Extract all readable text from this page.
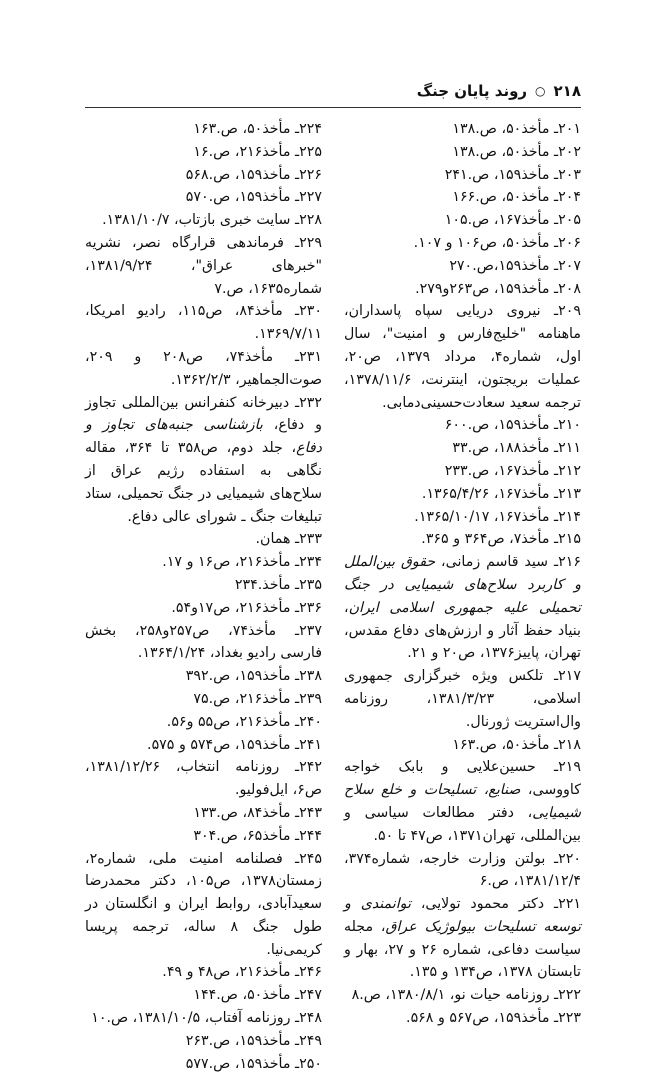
روند پایان جنگ ○ ۲۱۸

۲۰۱ـ مأخذ۵۰، ص.۱۳۸

۲۰۲ـ مأخذ۵۰، ص.۱۳۸

۲۰۳ـ مأخذ۱۵۹، ص.۲۴۱

۲۰۴ـ مأخذ۵۰، ص.۱۶۶

۲۰۵ـ مأخذ۱۶۷، ص.۱۰۵

۲۰۶ـ مأخذ۵۰، ص۱۰۶ و ۱۰۷.

۲۰۷ـ مأخذ۱۵۹،ص.۲۷۰

۲۰۸ـ مأخذ۱۵۹، ص۲۶۳و۲۷۹.

۲۰۹ـ نیروی دریایی سپاه پاسداران، ماهنامه "خلیج‌فارس و امنیت"، سال اول، شماره۴، مرداد ۱۳۷۹، ص۲۰، عملیات بریجتون، اینترنت، ۱۳۷۸/۱۱/۶، ترجمه سعید سعادت‌حسینی‌دمابی.

۲۱۰ـ مأخذ۱۵۹، ص.۶۰۰

۲۱۱ـ مأخذ۱۸۸، ص.۳۳

۲۱۲ـ مأخذ۱۶۷، ص.۲۳۳

۲۱۳ـ مأخذ۱۶۷، ۱۳۶۵/۴/۲۶.

۲۱۴ـ مأخذ۱۶۷، ۱۳۶۵/۱۰/۱۷.

۲۱۵ـ مأخذ۷، ص۳۶۴ و ۳۶۵.

۲۱۶ـ سید قاسم زمانی، حقوق بین‌الملل و کاربرد سلاح‌های شیمیایی در جنگ تحمیلی علیه جمهوری اسلامی ایران، بنیاد حفظ آثار و ارزش‌های دفاع مقدس، تهران، پاییز۱۳۷۶، ص۲۰ و ۲۱.

۲۱۷ـ تلکس ویژه خبرگزاری جمهوری اسلامی، ۱۳۸۱/۳/۲۳، روزنامه وال‌استریت ژورنال.

۲۱۸ـ مأخذ۵۰، ص.۱۶۳

۲۱۹ـ حسین‌علایی و بابک خواجه کاووسی، صنایع، تسلیحات و خلع سلاح شیمیایی، دفتر مطالعات سیاسی و بین‌المللی، تهران۱۳۷۱، ص۴۷ تا ۵۰.

۲۲۰ـ بولتن وزارت خارجه، شماره۳۷۴، ۱۳۸۱/۱۲/۴، ص.۶

۲۲۱ـ دکتر محمود تولایی، توانمندی و توسعه تسلیحات بیولوژیک عراق، مجله سیاست دفاعی، شماره ۲۶ و ۲۷، بهار و تابستان ۱۳۷۸، ص۱۳۴ و ۱۳۵.

۲۲۲ـ روزنامه حیات نو، ۱۳۸۰/۸/۱، ص.۸

۲۲۳ـ مأخذ۱۵۹، ص۵۶۷ و ۵۶۸.

۲۲۴ـ مأخذ۵۰، ص.۱۶۳

۲۲۵ـ مأخذ۲۱۶، ص.۱۶

۲۲۶ـ مأخذ۱۵۹، ص.۵۶۸

۲۲۷ـ مأخذ۱۵۹، ص.۵۷۰

۲۲۸ـ سایت خبری بازتاب، ۱۳۸۱/۱۰/۷.

۲۲۹ـ فرماندهی قرارگاه نصر، نشریه "خبرهای عراق"، ۱۳۸۱/۹/۲۴، شماره۱۶۳۵، ص.۷

۲۳۰ـ مأخذ۸۴، ص۱۱۵، رادیو امریکا، ۱۳۶۹/۷/۱۱.

۲۳۱ـ مأخذ۷۴، ص۲۰۸ و ۲۰۹، صوت‌الجماهیر، ۱۳۶۲/۲/۳.

۲۳۲ـ دبیرخانه کنفرانس بین‌المللی تجاوز و دفاع، بازشناسی جنبه‌های تجاوز و دفاع، جلد دوم، ص۳۵۸ تا ۳۶۴، مقاله نگاهی به استفاده رژیم عراق از سلاح‌های شیمیایی در جنگ تحمیلی، ستاد تبلیغات جنگ ـ شورای عالی دفاع.

۲۳۳ـ همان.

۲۳۴ـ مأخذ۲۱۶، ص۱۶ و ۱۷.

۲۳۵ـ مأخذ.۲۳۴

۲۳۶ـ مأخذ۲۱۶، ص۱۷و۵۴.

۲۳۷ـ مأخذ۷۴، ص۲۵۷و۲۵۸، بخش فارسی رادیو بغداد، ۱۳۶۴/۱/۲۴.

۲۳۸ـ مأخذ۱۵۹، ص.۳۹۲

۲۳۹ـ مأخذ۲۱۶، ص.۷۵

۲۴۰ـ مأخذ۲۱۶، ص۵۵ و۵۶.

۲۴۱ـ مأخذ۱۵۹، ص۵۷۴ و ۵۷۵.

۲۴۲ـ روزنامه انتخاب، ۱۳۸۱/۱۲/۲۶، ص۶، ایل‌فولیو.

۲۴۳ـ مأخذ۸۴، ص.۱۳۳

۲۴۴ـ مأخذ۶۵، ص.۳۰۴

۲۴۵ـ فصلنامه امنیت ملی، شماره۲، زمستان۱۳۷۸، ص۱۰۵، دکتر محمدرضا سعیدآبادی، روابط ایران و انگلستان در طول جنگ ۸ ساله، ترجمه پریسا کریمی‌نیا.

۲۴۶ـ مأخذ۲۱۶، ص۴۸ و ۴۹.

۲۴۷ـ مأخذ۵۰، ص.۱۴۴

۲۴۸ـ روزنامه آفتاب، ۱۳۸۱/۱۰/۵، ص.۱۰

۲۴۹ـ مأخذ۱۵۹، ص.۲۶۳

۲۵۰ـ مأخذ۱۵۹، ص.۵۷۷
